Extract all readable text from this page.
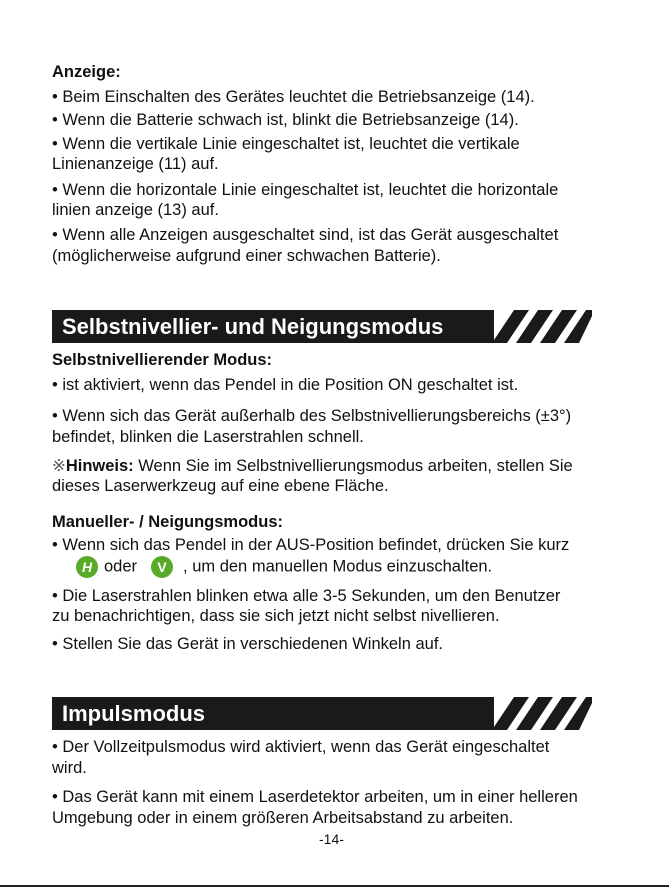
Anzeige:
• Beim Einschalten des Gerätes leuchtet die Betriebsanzeige (14).
• Wenn die Batterie schwach ist, blinkt die Betriebsanzeige (14).
• Wenn die vertikale Linie eingeschaltet ist, leuchtet die vertikale
Linienanzeige (11) auf.
• Wenn die horizontale Linie eingeschaltet ist, leuchtet die horizontale
linien anzeige (13) auf.
• Wenn alle Anzeigen ausgeschaltet sind, ist das Gerät ausgeschaltet
(möglicherweise aufgrund einer schwachen Batterie).
Selbstnivellier- und Neigungsmodus
Selbstnivellierender Modus:
• ist aktiviert, wenn das Pendel in die Position ON geschaltet ist.
• Wenn sich das Gerät außerhalb des Selbstnivellierungsbereichs (±3°)
befindet, blinken die Laserstrahlen schnell.
※Hinweis: Wenn Sie im Selbstnivellierungsmodus arbeiten, stellen Sie
dieses Laserwerkzeug auf eine ebene Fläche.
Manueller- / Neigungsmodus:
• Wenn sich das Pendel in der AUS-Position befindet, drücken Sie kurz
H oder V , um den manuellen Modus einzuschalten.
• Die Laserstrahlen blinken etwa alle 3-5 Sekunden, um den Benutzer
zu benachrichtigen, dass sie sich jetzt nicht selbst nivellieren.
• Stellen Sie das Gerät in verschiedenen Winkeln auf.
Impulsmodus
• Der Vollzeitpulsmodus wird aktiviert, wenn das Gerät eingeschaltet
wird.
• Das Gerät kann mit einem Laserdetektor arbeiten, um in einer helleren
Umgebung oder in einem größeren Arbeitsabstand zu arbeiten.
-14-
